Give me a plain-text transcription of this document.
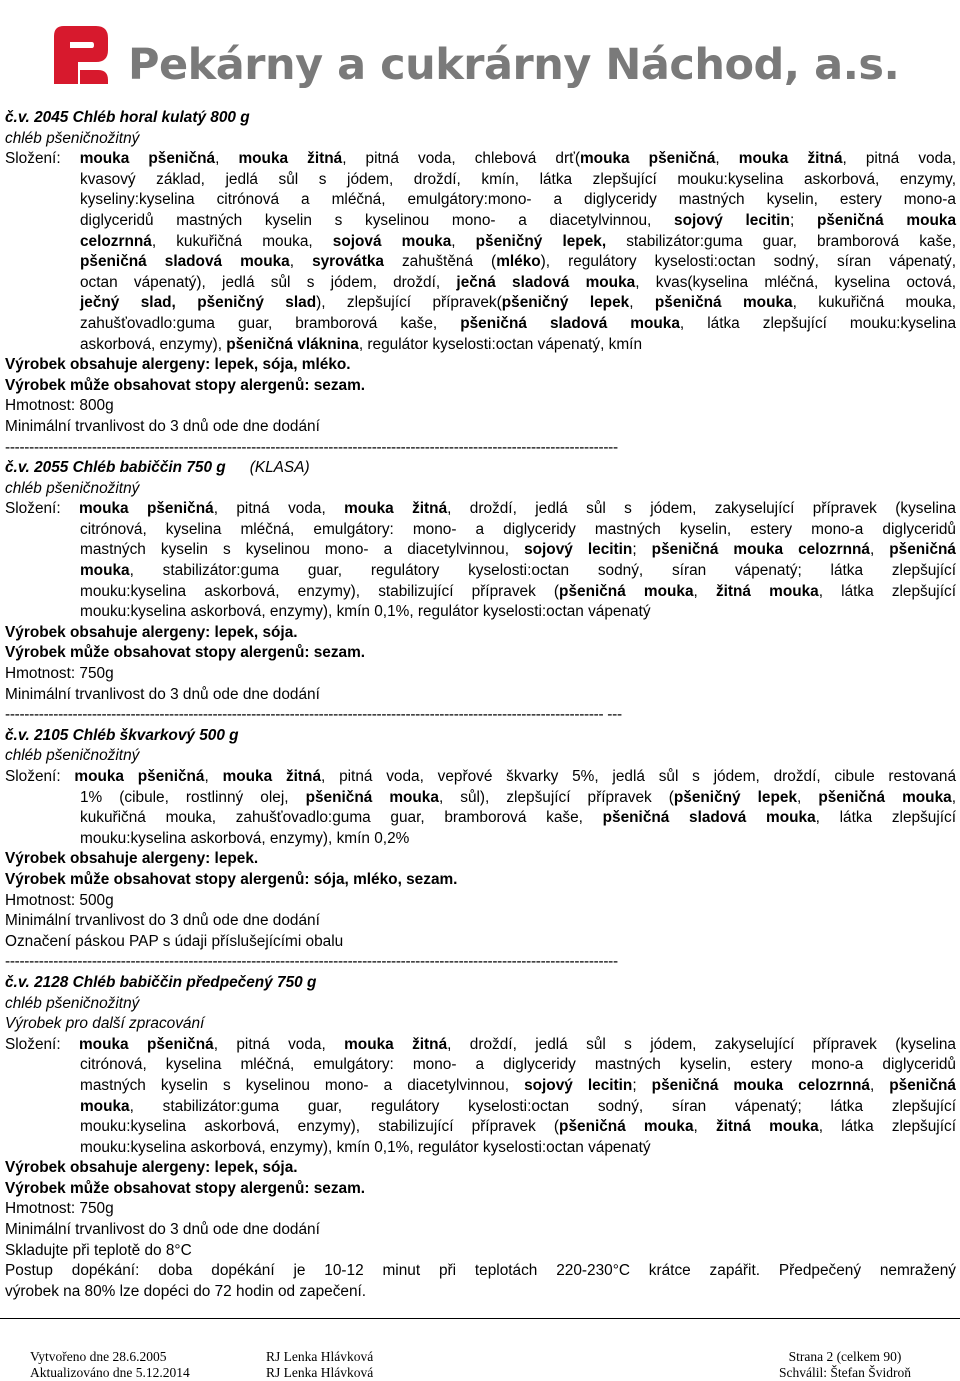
Pekárny a cukrárny Náchod, a.s.
č.v. 2045 Chléb horal kulatý 800 g
chléb pšeničnožitný
Složení: mouka pšeničná, mouka žitná, pitná voda, chlebová drť(mouka pšeničná, mouka žitná, pitná voda,
kvasový základ, jedlá sůl s jódem, droždí, kmín, látka zlepšující mouku:kyselina askorbová, enzymy,
kyseliny:kyselina citrónová a mléčná, emulgátory:mono- a diglyceridy mastných kyselin, estery mono-a
diglyceridů mastných kyselin s kyselinou mono- a diacetylvinnou, sojový lecitin; pšeničná mouka
celozrnná, kukuřičná mouka, sojová mouka, pšeničný lepek, stabilizátor:guma guar, bramborová kaše,
pšeničná sladová mouka, syrovátka zahuštěná (mléko), regulátory kyselosti:octan sodný, síran vápenatý,
octan vápenatý), jedlá sůl s jódem, droždí, ječná sladová mouka, kvas(kyselina mléčná, kyselina octová,
ječný slad, pšeničný slad), zlepšující přípravek(pšeničný lepek, pšeničná mouka, kukuřičná mouka,
zahušťovadlo:guma guar, bramborová kaše, pšeničná sladová mouka, látka zlepšující mouku:kyselina
askorbová, enzymy), pšeničná vláknina, regulátor kyselosti:octan vápenatý, kmín
Výrobek obsahuje alergeny: lepek, sója, mléko.
Výrobek může obsahovat stopy alergenů: sezam.
Hmotnost: 800g
Minimální trvanlivost do 3 dnů ode dne dodání
-------------------------------------------------------------------------------------------------------------------------------
č.v. 2055 Chléb babiččin 750 g (KLASA)
chléb pšeničnožitný
Složení: mouka pšeničná, pitná voda, mouka žitná, droždí, jedlá sůl s jódem, zakyselující přípravek (kyselina
citrónová, kyselina mléčná, emulgátory: mono- a diglyceridy mastných kyselin, estery mono-a diglyceridů
mastných kyselin s kyselinou mono- a diacetylvinnou, sojový lecitin; pšeničná mouka celozrnná, pšeničná
mouka, stabilizátor:guma guar, regulátory kyselosti:octan sodný, síran vápenatý; látka zlepšující
mouku:kyselina askorbová, enzymy), stabilizující přípravek (pšeničná mouka, žitná mouka, látka zlepšující
mouku:kyselina askorbová, enzymy), kmín 0,1%, regulátor kyselosti:octan vápenatý
Výrobek obsahuje alergeny: lepek, sója.
Výrobek může obsahovat stopy alergenů: sezam.
Hmotnost: 750g
Minimální trvanlivost do 3 dnů ode dne dodání
---------------------------------------------------------------------------------------------------------------------------- ---
č.v. 2105 Chléb škvarkový 500 g
chléb pšeničnožitný
Složení: mouka pšeničná, mouka žitná, pitná voda, vepřové škvarky 5%, jedlá sůl s jódem, droždí, cibule restovaná
1% (cibule, rostlinný olej, pšeničná mouka, sůl), zlepšující přípravek (pšeničný lepek, pšeničná mouka,
kukuřičná mouka, zahušťovadlo:guma guar, bramborová kaše, pšeničná sladová mouka, látka zlepšující
mouku:kyselina askorbová, enzymy), kmín 0,2%
Výrobek obsahuje alergeny: lepek.
Výrobek může obsahovat stopy alergenů: sója, mléko, sezam.
Hmotnost: 500g
Minimální trvanlivost do 3 dnů ode dne dodání
Označení páskou PAP s údaji příslušejícími obalu
-------------------------------------------------------------------------------------------------------------------------------
č.v. 2128 Chléb babiččin předpečený 750 g
chléb pšeničnožitný
Výrobek pro další zpracování
Složení: mouka pšeničná, pitná voda, mouka žitná, droždí, jedlá sůl s jódem, zakyselující přípravek (kyselina
citrónová, kyselina mléčná, emulgátory: mono- a diglyceridy mastných kyselin, estery mono-a diglyceridů
mastných kyselin s kyselinou mono- a diacetylvinnou, sojový lecitin; pšeničná mouka celozrnná, pšeničná
mouka, stabilizátor:guma guar, regulátory kyselosti:octan sodný, síran vápenatý; látka zlepšující
mouku:kyselina askorbová, enzymy), stabilizující přípravek (pšeničná mouka, žitná mouka, látka zlepšující
mouku:kyselina askorbová, enzymy), kmín 0,1%, regulátor kyselosti:octan vápenatý
Výrobek obsahuje alergeny: lepek, sója.
Výrobek může obsahovat stopy alergenů: sezam.
Hmotnost: 750g
Minimální trvanlivost do 3 dnů ode dne dodání
Skladujte při teplotě do 8°C
Postup dopékání: doba dopékání je 10-12 minut při teplotách 220-230°C krátce zapářit. Předpečený nemražený
výrobek na 80% lze dopéci do 72 hodin od zapečení.
Vytvořeno dne 28.6.2005
Aktualizováno dne 5.12.2014
RJ Lenka Hlávková
RJ Lenka Hlávková
Strana 2 (celkem 90)
Schválil: Štefan Švidroň
